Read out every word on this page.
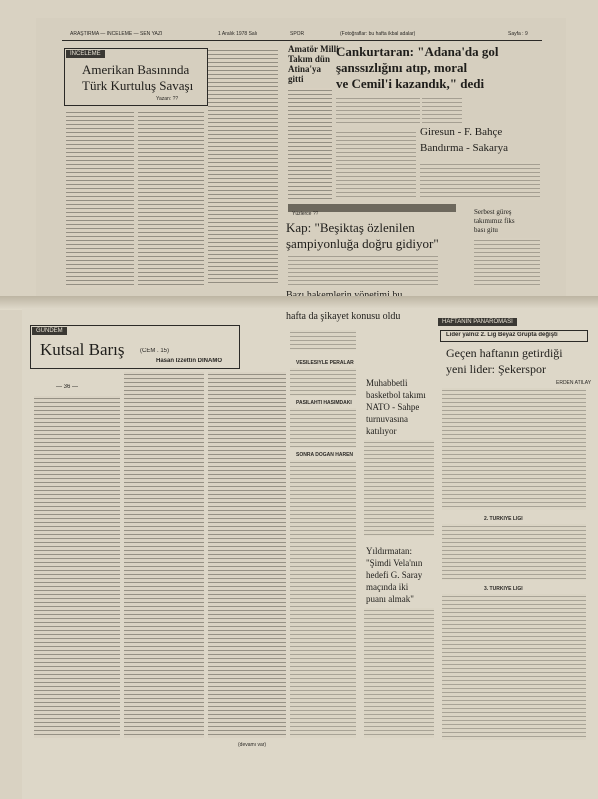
ARAŞTIRMA — İNCELEME — SEN YAZI	1 Aralık 1978 Salı	SPOR	(Fotoğraflar: bu hafta ikbal adalar)	Sayfa : 9
İNCELEME
Amerikan Basınında
Türk Kurtuluş Savaşı
Yazan: ??
Amatör Milli
Takım dün
Atina'ya
gitti
Cankurtaran: "Adana'da gol
şanssızlığını atıp, moral
ve Cemil'i kazandık," dedi
Giresun - F. Bahçe
Bandırma - Sakarya
Yüzlerce ??
Kap: "Beşiktaş özlenilen
şampiyonluğa doğru gidiyor"
Serbest güreş
takımımız fiks
bası gitu
hafta da şikayet konusu oldu
GÜNDEM
Kutsal Barış	(CEM . 15)
Hasan İzzettin DİNAMO
— 36 —
(devamı var)
VESİLESİYLE PERALAR
PASİLAHTI HASIMDAKİ
SONRA DOĞAN HAREN
Muhabbetli
basketbol takımı
NATO - Sahpe
turnuvasına
katılıyor
Yıldırmatan:
"Şimdi Vela'nın
hedefi G. Saray
maçında iki
puanı almak"
HAFTANIN PANAROMASI
Lider yalnız 2. Lig Beyaz Grupta değişti
Geçen haftanın getirdiği
yeni lider: Şekerspor
ERDEN ATİLAY
2. TÜRKİYE LİGİ
3. TÜRKİYE LİGİ
